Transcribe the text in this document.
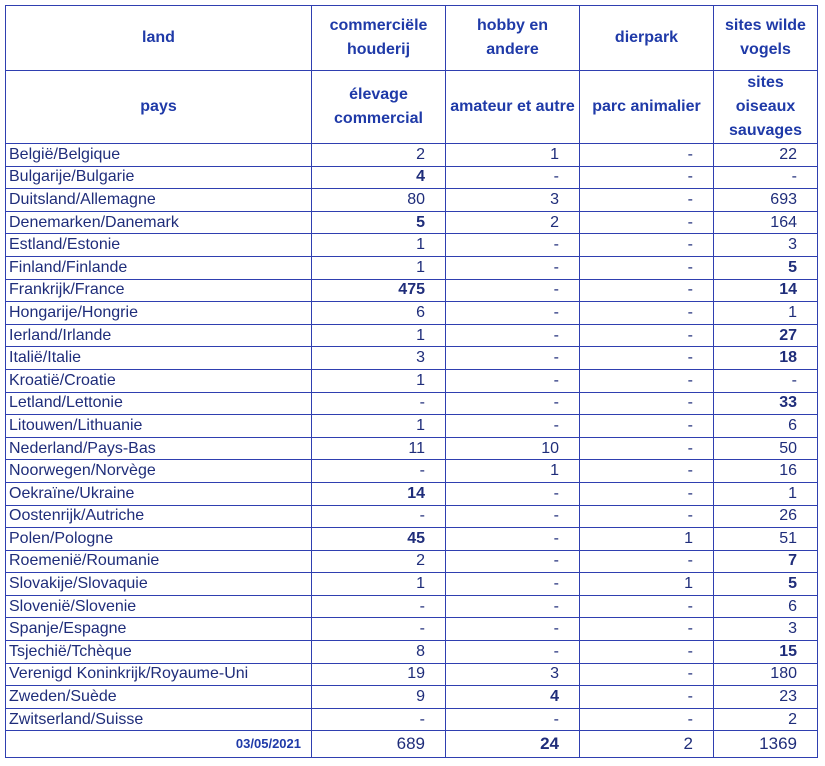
land	commerciële houderij	hobby en andere	dierpark	sites wilde vogels
pays	élevage commercial	amateur et autre	parc animalier	sites oiseaux sauvages
België/Belgique	2	1	-	22
Bulgarije/Bulgarie	4	-	-	-
Duitsland/Allemagne	80	3	-	693
Denemarken/Danemark	5	2	-	164
Estland/Estonie	1	-	-	3
Finland/Finlande	1	-	-	5
Frankrijk/France	475	-	-	14
Hongarije/Hongrie	6	-	-	1
Ierland/Irlande	1	-	-	27
Italië/Italie	3	-	-	18
Kroatië/Croatie	1	-	-	-
Letland/Lettonie	-	-	-	33
Litouwen/Lithuanie	1	-	-	6
Nederland/Pays-Bas	11	10	-	50
Noorwegen/Norvège	-	1	-	16
Oekraïne/Ukraine	14	-	-	1
Oostenrijk/Autriche	-	-	-	26
Polen/Pologne	45	-	1	51
Roemenië/Roumanie	2	-	-	7
Slovakije/Slovaquie	1	-	1	5
Slovenië/Slovenie	-	-	-	6
Spanje/Espagne	-	-	-	3
Tsjechië/Tchèque	8	-	-	15
Verenigd Koninkrijk/Royaume-Uni	19	3	-	180
Zweden/Suède	9	4	-	23
Zwitserland/Suisse	-	-	-	2
03/05/2021	689	24	2	1369
